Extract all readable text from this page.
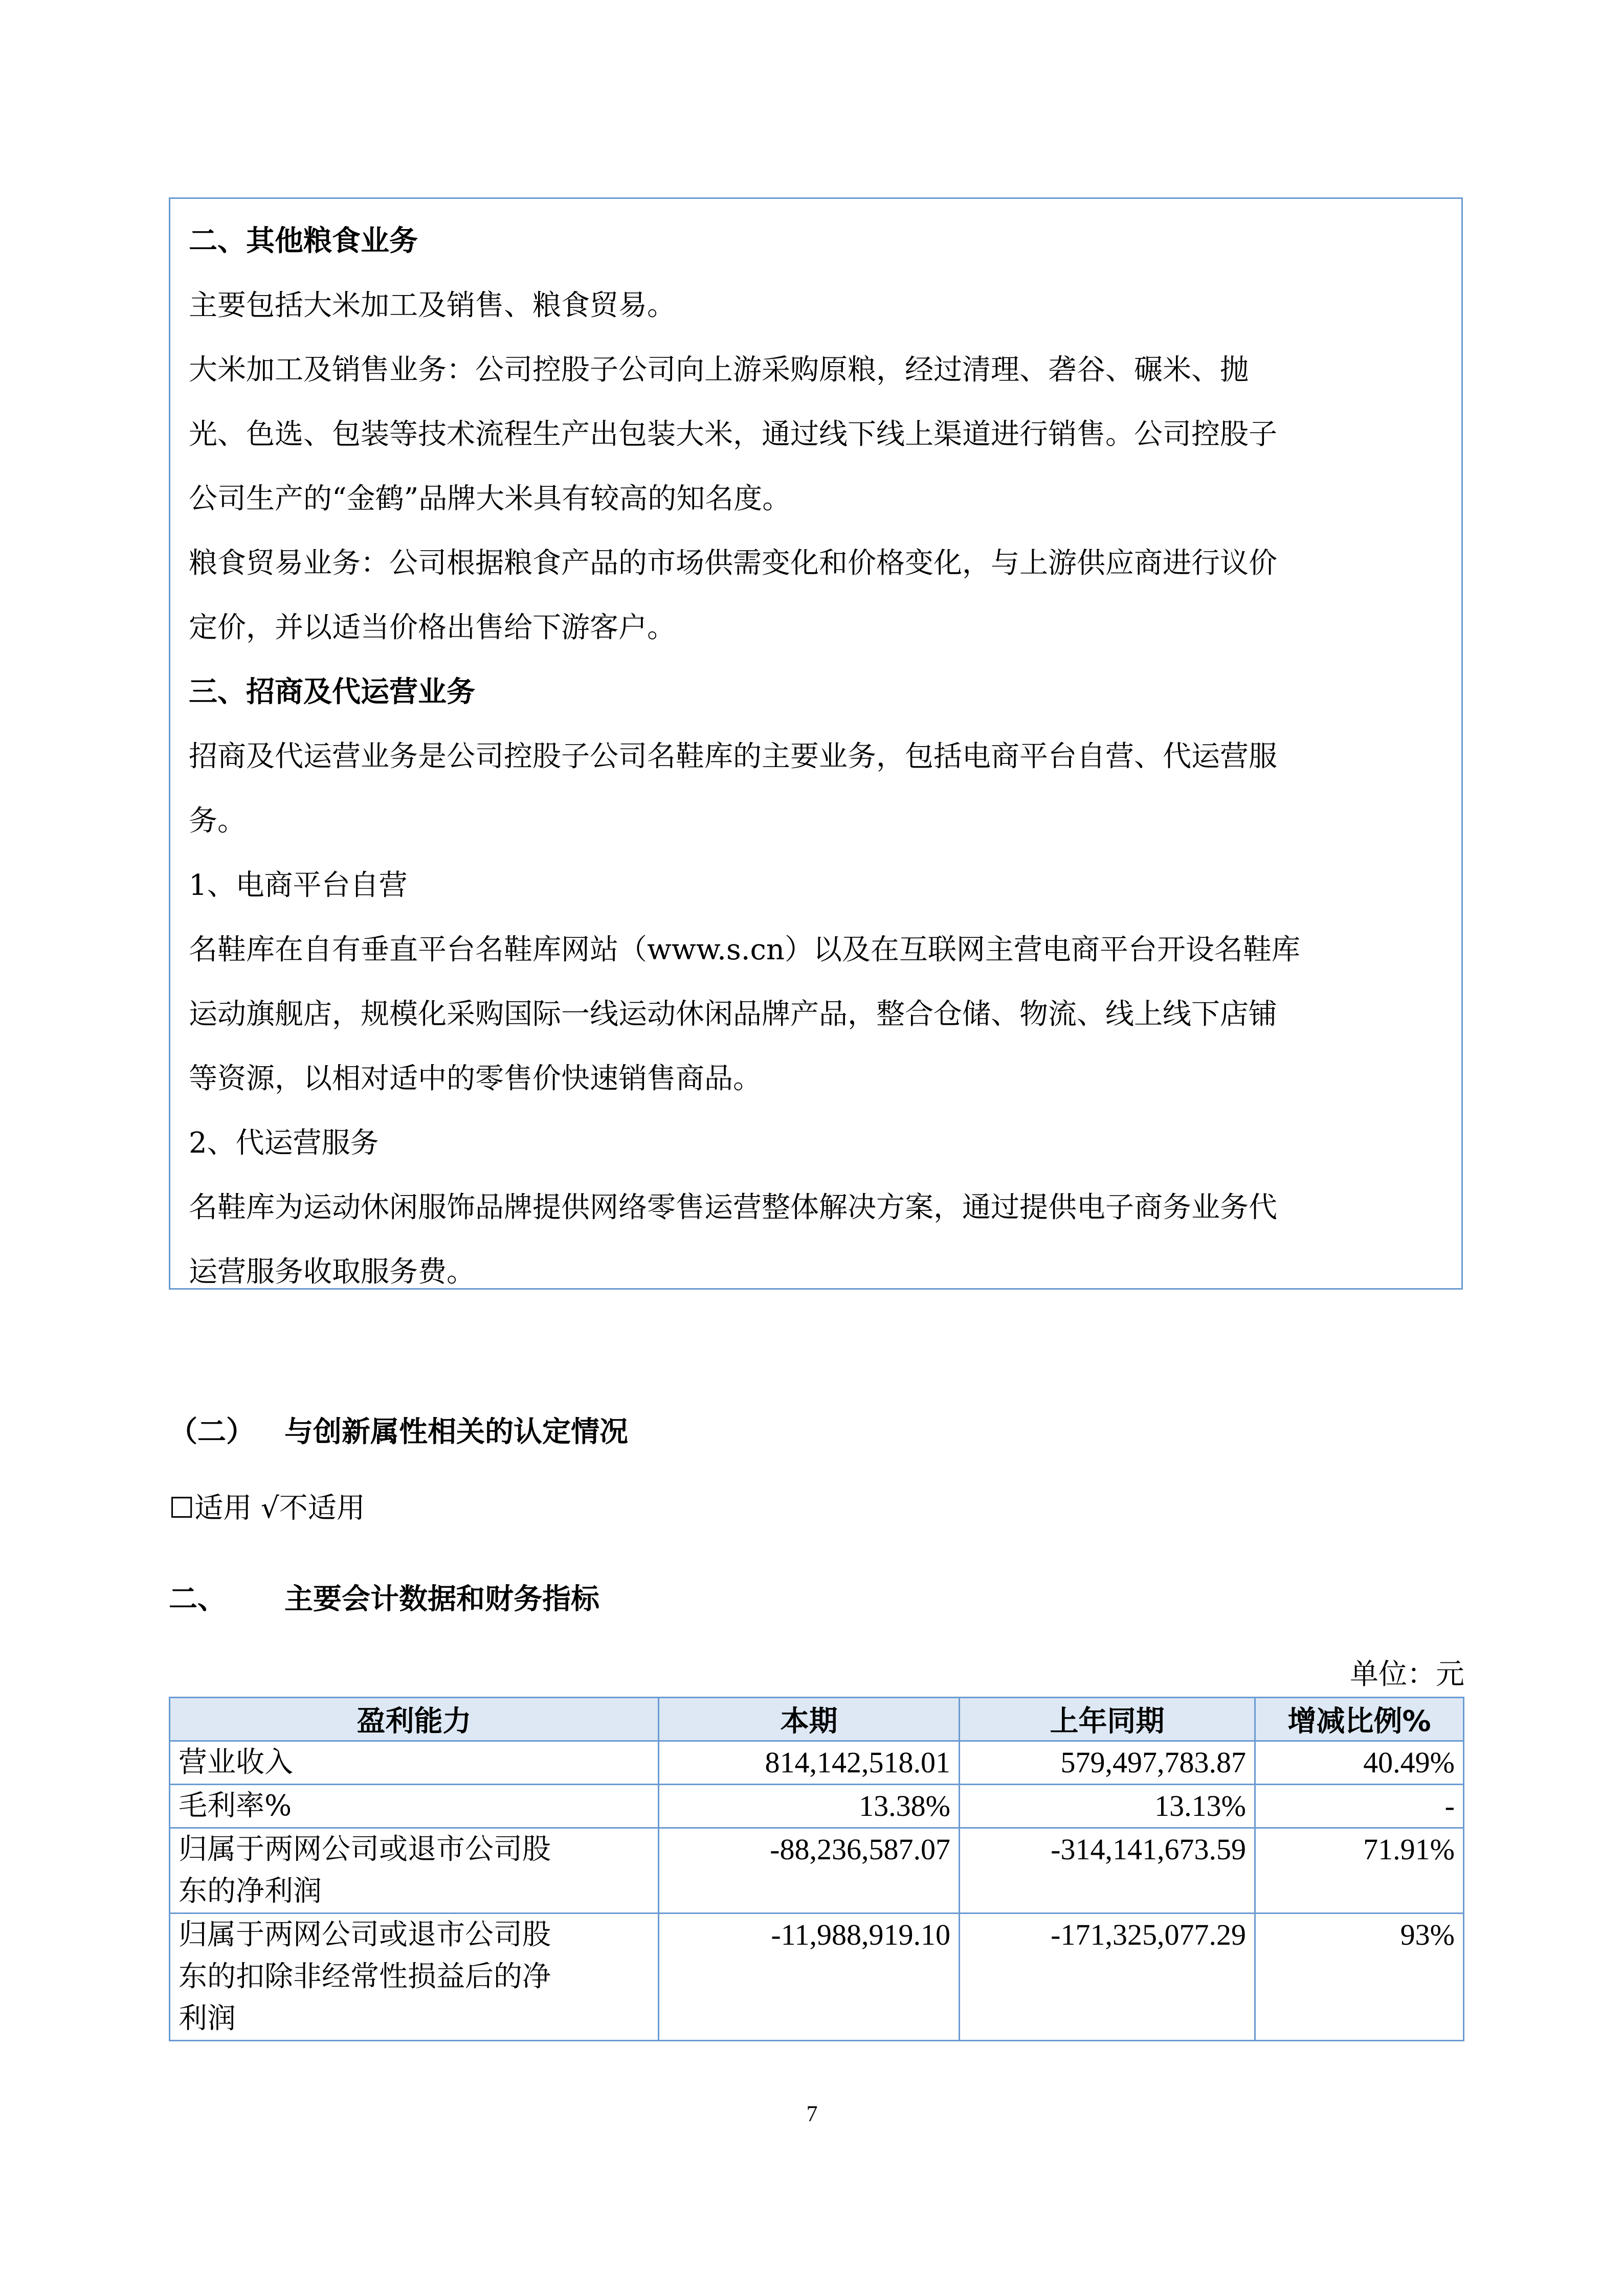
二、其他粮食业务
主要包括大米加工及销售、粮食贸易。
大米加工及销售业务：公司控股子公司向上游采购原粮，经过清理、砻谷、碾米、抛
光、色选、包装等技术流程生产出包装大米，通过线下线上渠道进行销售。公司控股子
公司生产的“金鹤”品牌大米具有较高的知名度。
粮食贸易业务：公司根据粮食产品的市场供需变化和价格变化，与上游供应商进行议价
定价，并以适当价格出售给下游客户。
三、招商及代运营业务
招商及代运营业务是公司控股子公司名鞋库的主要业务，包括电商平台自营、代运营服
务。
1、电商平台自营
名鞋库在自有垂直平台名鞋库网站（www.s.cn）以及在互联网主营电商平台开设名鞋库
运动旗舰店，规模化采购国际一线运动休闲品牌产品，整合仓储、物流、线上线下店铺
等资源，以相对适中的零售价快速销售商品。
2、代运营服务
名鞋库为运动休闲服饰品牌提供网络零售运营整体解决方案，通过提供电子商务业务代
运营服务收取服务费。
（二） 与创新属性相关的认定情况
☐适用 √不适用
二、 主要会计数据和财务指标
单位：元
盈利能力	本期	上年同期	增减比例%
营业收入	814,142,518.01	579,497,783.87	40.49%
毛利率%	13.38%	13.13%	-

归属于两网公司或退市公司股
东的净利润	-88,236,587.07	-314,141,673.59	71.91%

归属于两网公司或退市公司股
东的扣除非经常性损益后的净
利润	-11,988,919.10	-171,325,077.29	93%
7
